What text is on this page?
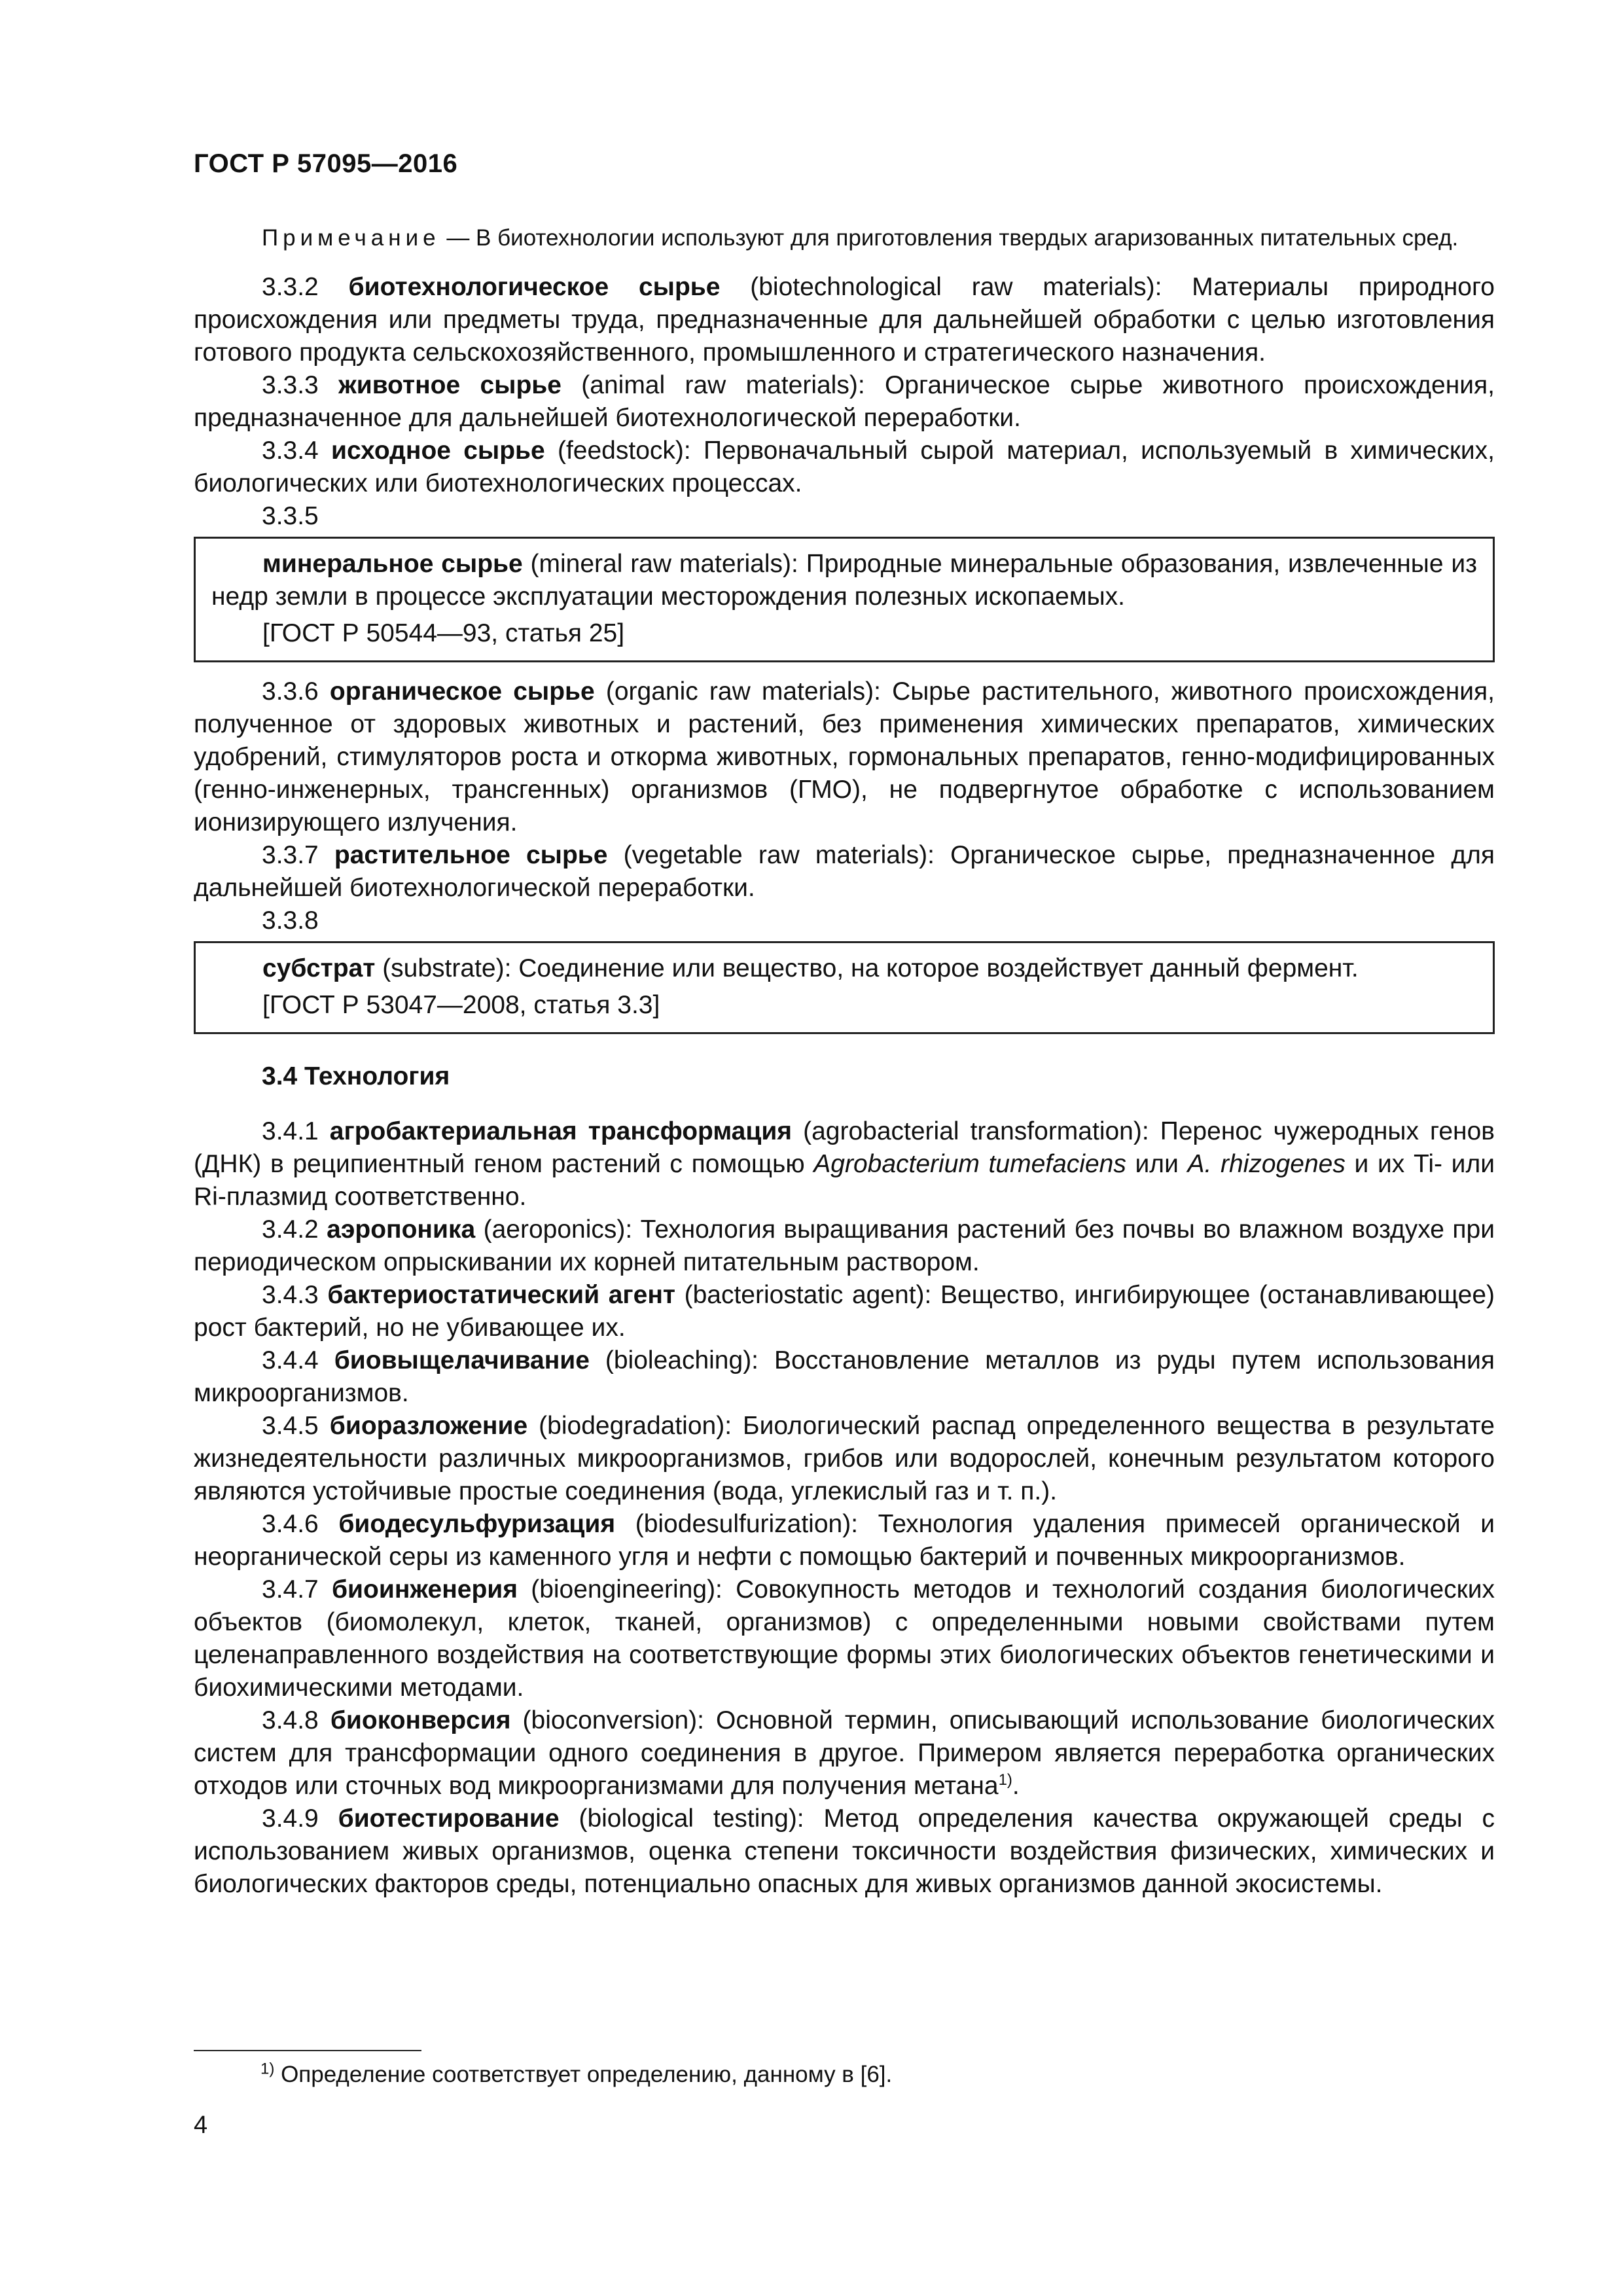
ГОСТ Р 57095—2016

Примечание — В биотехнологии используют для приготовления твердых агаризованных питательных сред.

3.3.2 биотехнологическое сырье (biotechnological raw materials): Материалы природного происхождения или предметы труда, предназначенные для дальнейшей обработки с целью изготовления готового продукта сельскохозяйственного, промышленного и стратегического назначения.

3.3.3 животное сырье (animal raw materials): Органическое сырье животного происхождения, предназначенное для дальнейшей биотехнологической переработки.

3.3.4 исходное сырье (feedstock): Первоначальный сырой материал, используемый в химических, биологических или биотехнологических процессах.

3.3.5

минеральное сырье (mineral raw materials): Природные минеральные образования, извлеченные из недр земли в процессе эксплуатации месторождения полезных ископаемых.

[ГОСТ Р 50544—93, статья 25]

3.3.6 органическое сырье (organic raw materials): Сырье растительного, животного происхождения, полученное от здоровых животных и растений, без применения химических препаратов, химических удобрений, стимуляторов роста и откорма животных, гормональных препаратов, генно-модифицированных (генно-инженерных, трансгенных) организмов (ГМО), не подвергнутое обработке с использованием ионизирующего излучения.

3.3.7 растительное сырье (vegetable raw materials): Органическое сырье, предназначенное для дальнейшей биотехнологической переработки.

3.3.8

субстрат (substrate): Соединение или вещество, на которое воздействует данный фермент.

[ГОСТ Р 53047—2008, статья 3.3]

3.4 Технология

3.4.1 агробактериальная трансформация (agrobacterial transformation): Перенос чужеродных генов (ДНК) в реципиентный геном растений с помощью Agrobacterium tumefaciens или A. rhizogenes и их Ti- или Ri-плазмид соответственно.

3.4.2 аэропоника (aeroponics): Технология выращивания растений без почвы во влажном воздухе при периодическом опрыскивании их корней питательным раствором.

3.4.3 бактериостатический агент (bacteriostatic agent): Вещество, ингибирующее (останавливающее) рост бактерий, но не убивающее их.

3.4.4 биовыщелачивание (bioleaching): Восстановление металлов из руды путем использования микроорганизмов.

3.4.5 биоразложение (biodegradation): Биологический распад определенного вещества в результате жизнедеятельности различных микроорганизмов, грибов или водорослей, конечным результатом которого являются устойчивые простые соединения (вода, углекислый газ и т. п.).

3.4.6 биодесульфуризация (biodesulfurization): Технология удаления примесей органической и неорганической серы из каменного угля и нефти с помощью бактерий и почвенных микроорганизмов.

3.4.7 биоинженерия (bioengineering): Совокупность методов и технологий создания биологических объектов (биомолекул, клеток, тканей, организмов) с определенными новыми свойствами путем целенаправленного воздействия на соответствующие формы этих биологических объектов генетическими и биохимическими методами.

3.4.8 биоконверсия (bioconversion): Основной термин, описывающий использование биологических систем для трансформации одного соединения в другое. Примером является переработка органических отходов или сточных вод микроорганизмами для получения метана$^{1)}$.

3.4.9 биотестирование (biological testing): Метод определения качества окружающей среды с использованием живых организмов, оценка степени токсичности воздействия физических, химических и биологических факторов среды, потенциально опасных для живых организмов данной экосистемы.

$^{1)}$ Определение соответствует определению, данному в [6].
4
